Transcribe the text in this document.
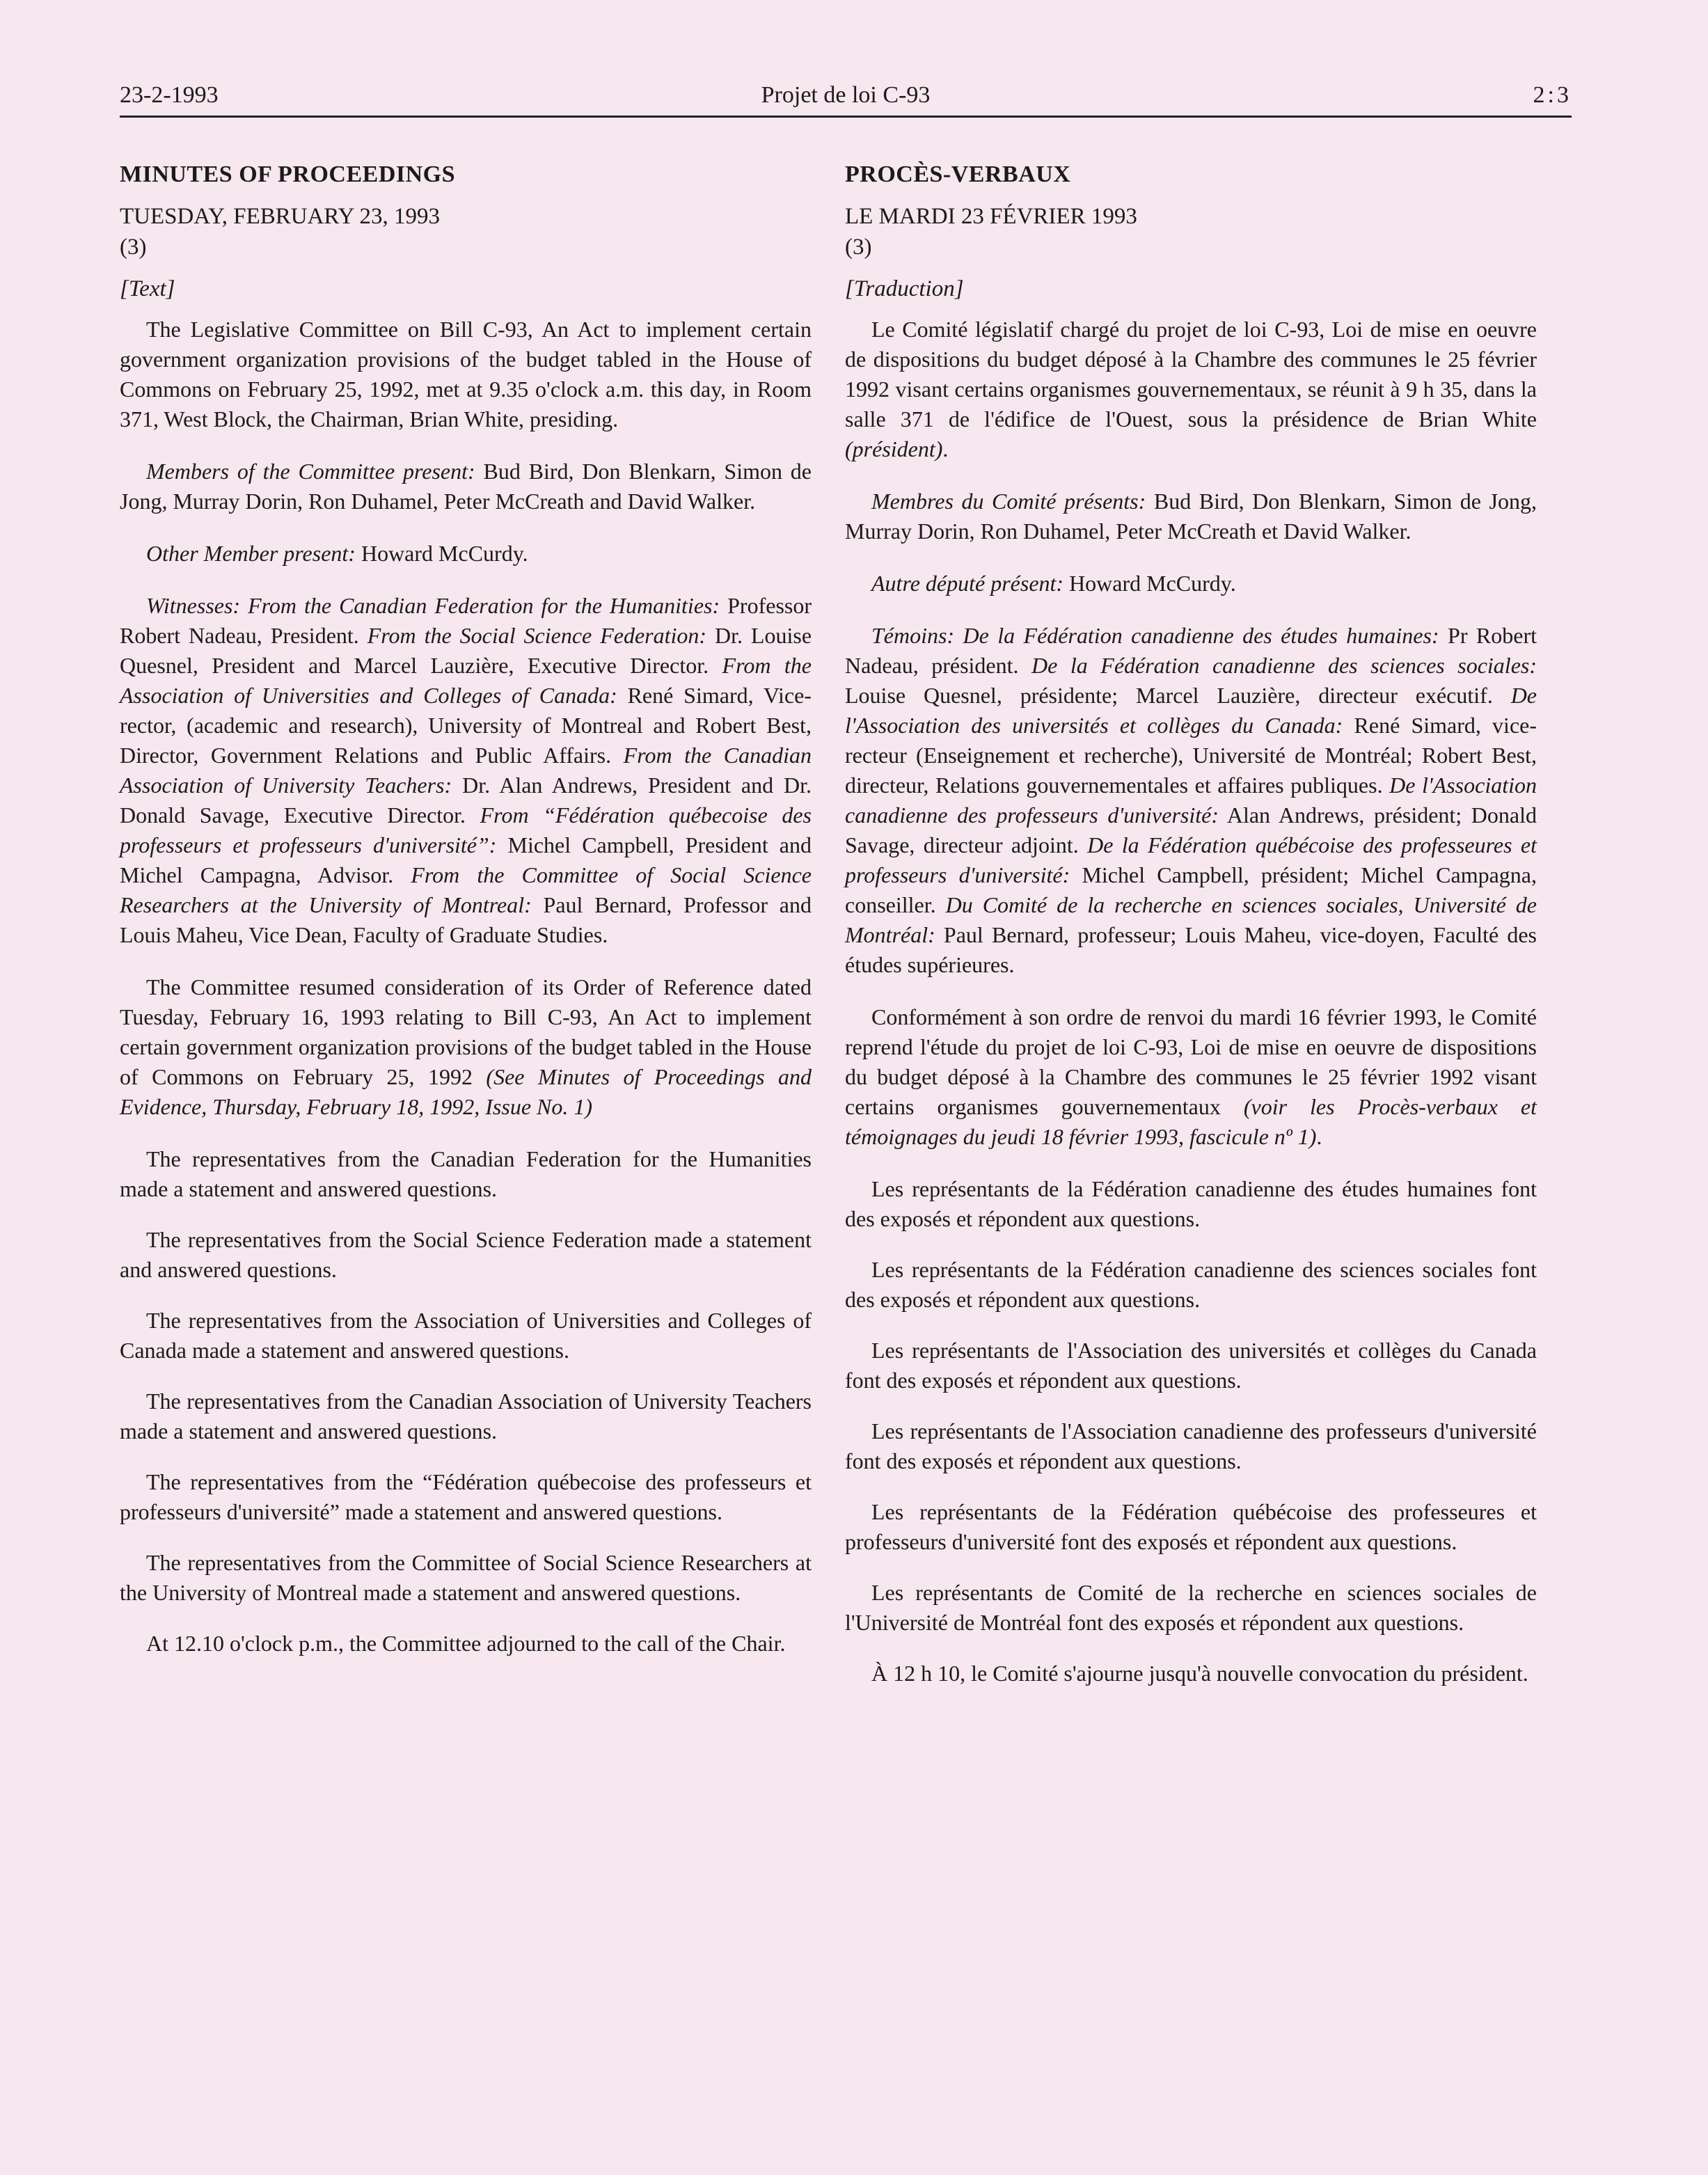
23-2-1993	Projet de loi C-93	2:3
MINUTES OF PROCEEDINGS
TUESDAY, FEBRUARY 23, 1993
(3)
[Text]

The Legislative Committee on Bill C-93, An Act to implement certain government organization provisions of the budget tabled in the House of Commons on February 25, 1992, met at 9.35 o'clock a.m. this day, in Room 371, West Block, the Chairman, Brian White, presiding.

Members of the Committee present: Bud Bird, Don Blenkarn, Simon de Jong, Murray Dorin, Ron Duhamel, Peter McCreath and David Walker.

Other Member present: Howard McCurdy.

Witnesses: From the Canadian Federation for the Humanities: Professor Robert Nadeau, President. From the Social Science Federation: Dr. Louise Quesnel, President and Marcel Lauzière, Executive Director. From the Association of Universities and Colleges of Canada: René Simard, Vice-rector, (academic and research), University of Montreal and Robert Best, Director, Government Relations and Public Affairs. From the Canadian Association of University Teachers: Dr. Alan Andrews, President and Dr. Donald Savage, Executive Director. From “Fédération québecoise des professeurs et professeurs d'université”: Michel Campbell, President and Michel Campagna, Advisor. From the Committee of Social Science Researchers at the University of Montreal: Paul Bernard, Professor and Louis Maheu, Vice Dean, Faculty of Graduate Studies.

The Committee resumed consideration of its Order of Reference dated Tuesday, February 16, 1993 relating to Bill C-93, An Act to implement certain government organization provisions of the budget tabled in the House of Commons on February 25, 1992 (See Minutes of Proceedings and Evidence, Thursday, February 18, 1992, Issue No. 1)

The representatives from the Canadian Federation for the Humanities made a statement and answered questions.

The representatives from the Social Science Federation made a statement and answered questions.

The representatives from the Association of Universities and Colleges of Canada made a statement and answered questions.

The representatives from the Canadian Association of University Teachers made a statement and answered questions.

The representatives from the “Fédération québecoise des professeurs et professeurs d'université” made a statement and answered questions.

The representatives from the Committee of Social Science Researchers at the University of Montreal made a statement and answered questions.

At 12.10 o'clock p.m., the Committee adjourned to the call of the Chair.

PROCÈS-VERBAUX
LE MARDI 23 FÉVRIER 1993
(3)
[Traduction]

Le Comité législatif chargé du projet de loi C-93, Loi de mise en oeuvre de dispositions du budget déposé à la Chambre des communes le 25 février 1992 visant certains organismes gouvernementaux, se réunit à 9 h 35, dans la salle 371 de l'édifice de l'Ouest, sous la présidence de Brian White (président).

Membres du Comité présents: Bud Bird, Don Blenkarn, Simon de Jong, Murray Dorin, Ron Duhamel, Peter McCreath et David Walker.

Autre député présent: Howard McCurdy.

Témoins: De la Fédération canadienne des études humaines: Pr Robert Nadeau, président. De la Fédération canadienne des sciences sociales: Louise Quesnel, présidente; Marcel Lauzière, directeur exécutif. De l'Association des universités et collèges du Canada: René Simard, vice-recteur (Enseignement et recherche), Université de Montréal; Robert Best, directeur, Relations gouvernementales et affaires publiques. De l'Association canadienne des professeurs d'université: Alan Andrews, président; Donald Savage, directeur adjoint. De la Fédération québécoise des professeures et professeurs d'université: Michel Campbell, président; Michel Campagna, conseiller. Du Comité de la recherche en sciences sociales, Université de Montréal: Paul Bernard, professeur; Louis Maheu, vice-doyen, Faculté des études supérieures.

Conformément à son ordre de renvoi du mardi 16 février 1993, le Comité reprend l'étude du projet de loi C-93, Loi de mise en oeuvre de dispositions du budget déposé à la Chambre des communes le 25 février 1992 visant certains organismes gouvernementaux (voir les Procès-verbaux et témoignages du jeudi 18 février 1993, fascicule nº 1).

Les représentants de la Fédération canadienne des études humaines font des exposés et répondent aux questions.

Les représentants de la Fédération canadienne des sciences sociales font des exposés et répondent aux questions.

Les représentants de l'Association des universités et collèges du Canada font des exposés et répondent aux questions.

Les représentants de l'Association canadienne des professeurs d'université font des exposés et répondent aux questions.

Les représentants de la Fédération québécoise des professeures et professeurs d'université font des exposés et répondent aux questions.

Les représentants de Comité de la recherche en sciences sociales de l'Université de Montréal font des exposés et répondent aux questions.

À 12 h 10, le Comité s'ajourne jusqu'à nouvelle convocation du président.
